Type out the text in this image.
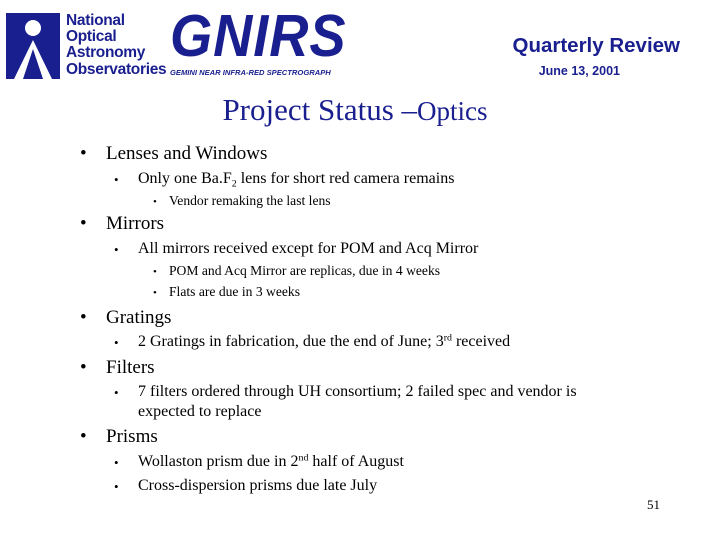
National
Optical
Astronomy
Observatories
GNIRS
GEMINI NEAR INFRA-RED SPECTROGRAPH
Quarterly Review
June 13, 2001
Project Status –Optics
• Lenses and Windows
• Only one $Ba.F_2$ lens for short red camera remains
• Vendor remaking the last lens
• Mirrors
• All mirrors received except for POM and Acq Mirror
• POM and Acq Mirror are replicas, due in 4 weeks
• Flats are due in 3 weeks
• Gratings
• 2 Gratings in fabrication, due the end of June; 3rd received
• Filters
• 7 filters ordered through UH consortium; 2 failed spec and vendor is
expected to replace
• Prisms
• Wollaston prism due in 2nd half of August
• Cross-dispersion prisms due late July
51
